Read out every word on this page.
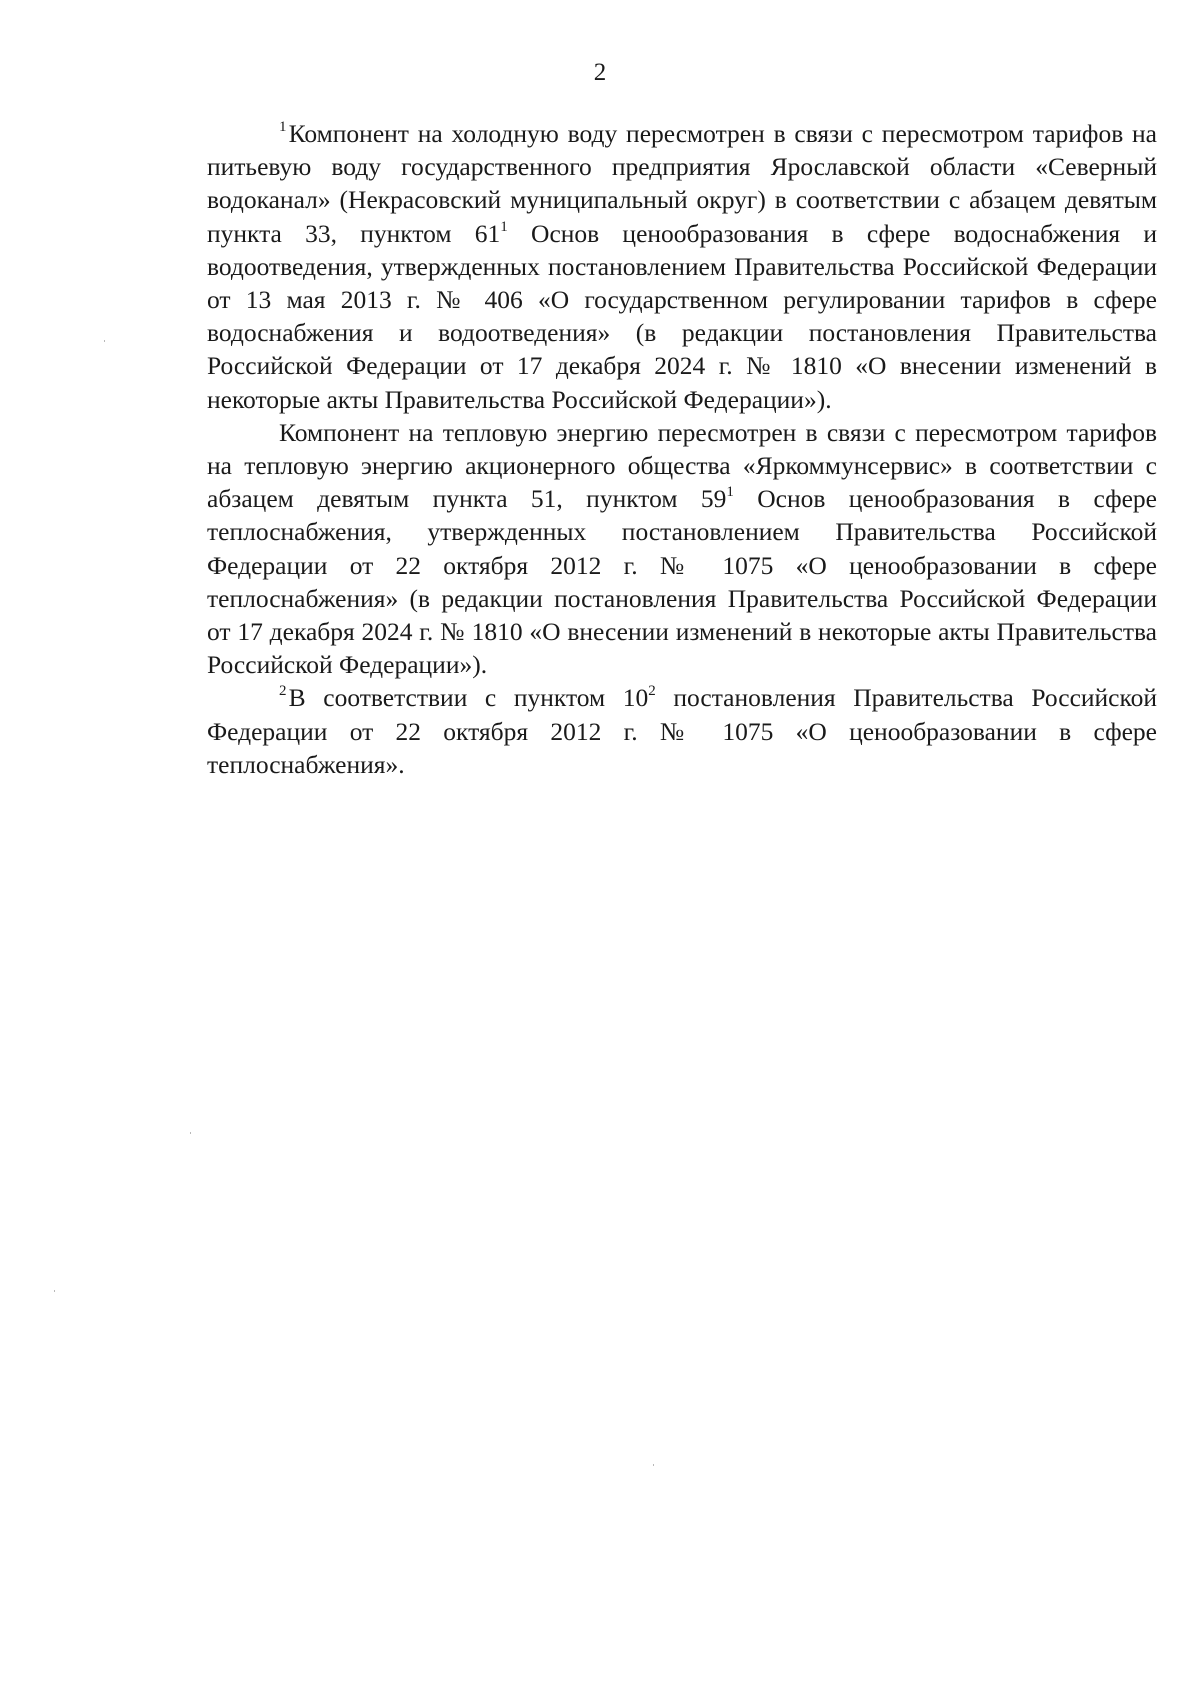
2

$^1$ Компонент на холодную воду пересмотрен в связи с пересмотром тарифов на питьевую воду государственного предприятия Ярославской области «Северный водоканал» (Некрасовский муниципальный округ) в соответствии с абзацем девятым пункта 33, пунктом $61^1$ Основ ценообразования в сфере водоснабжения и водоотведения, утвержденных постановлением Правительства Российской Федерации от 13 мая 2013 г. № 406 «О государственном регулировании тарифов в сфере водоснабжения и водоотведения» (в редакции постановления Правительства Российской Федерации от 17 декабря 2024 г. № 1810 «О внесении изменений в некоторые акты Правительства Российской Федерации»).

Компонент на тепловую энергию пересмотрен в связи с пересмотром тарифов на тепловую энергию акционерного общества «Яркоммунсервис» в соответствии с абзацем девятым пункта 51, пунктом $59^1$ Основ ценообразования в сфере теплоснабжения, утвержденных постановлением Правительства Российской Федерации от 22 октября 2012 г. № 1075 «О ценообразовании в сфере теплоснабжения» (в редакции постановления Правительства Российской Федерации от 17 декабря 2024 г. № 1810 «О внесении изменений в некоторые акты Правительства Российской Федерации»).

$^2$ В соответствии с пунктом $10^2$ постановления Правительства Российской Федерации от 22 октября 2012 г. № 1075 «О ценообразовании в сфере теплоснабжения».
